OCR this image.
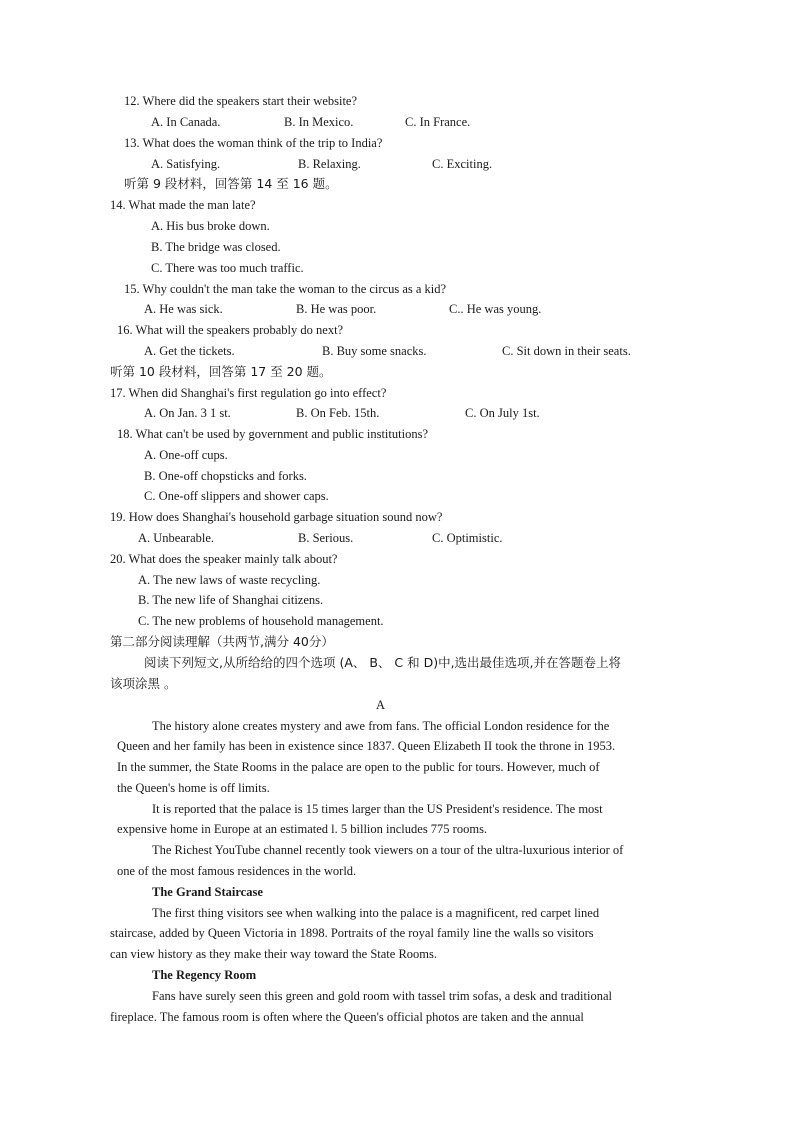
12. Where did the speakers start their website?
A. In Canada.	B. In Mexico.	C. In France.
13. What does the woman think of the trip to India?
A. Satisfying.	B. Relaxing.	C. Exciting.
听第 9 段材料，回答第 14 至 16 题。
14. What made the man late?
A. His bus broke down.
B. The bridge was closed.
C. There was too much traffic.
15. Why couldn't the man take the woman to the circus as a kid?
A. He was sick.	B. He was poor.	C.. He was young.
16. What will the speakers probably do next?
A. Get the tickets.	B. Buy some snacks.	C. Sit down in their seats.
听第 10 段材料，回答第 17 至 20 题。
17. When did Shanghai's first regulation go into effect?
A. On Jan. 3 1 st.	B. On Feb. 15th.	C. On July 1st.
18. What can't be used by government and public institutions?
A. One-off cups.
B. One-off chopsticks and forks.
C. One-off slippers and shower caps.
19. How does Shanghai's household garbage situation sound now?
A. Unbearable.	B. Serious.	C. Optimistic.
20. What does the speaker mainly talk about?
A. The new laws of waste recycling.
B. The new life of Shanghai citizens.
C. The new problems of household management.
第二部分阅读理解（共两节,满分 40分）
阅读下列短文,从所给给的四个选项 (A、 B、 C 和 D)中,选出最佳选项,并在答题卷上将
该项涂黑 。
A
The history alone creates mystery and awe from fans. The official London residence for the
Queen and her family has been in existence since 1837. Queen Elizabeth II took the throne in 1953.
In the summer, the State Rooms in the palace are open to the public for tours. However, much of
the Queen's home is off limits.
It is reported that the palace is 15 times larger than the US President's residence. The most
expensive home in Europe at an estimated l. 5 billion includes 775 rooms.
The Richest YouTube channel recently took viewers on a tour of the ultra-luxurious interior of
one of the most famous residences in the world.
The Grand Staircase
The first thing visitors see when walking into the palace is a magnificent, red carpet lined
staircase, added by Queen Victoria in 1898. Portraits of the royal family line the walls so visitors
can view history as they make their way toward the State Rooms.
The Regency Room
Fans have surely seen this green and gold room with tassel trim sofas, a desk and traditional
fireplace. The famous room is often where the Queen's official photos are taken and the annual
